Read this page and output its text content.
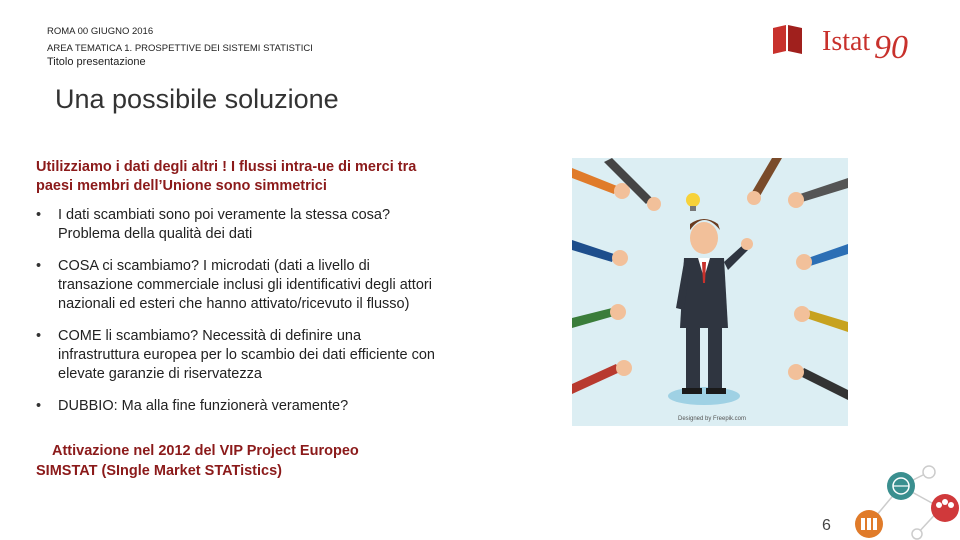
ROMA 00 GIUGNO 2016
AREA TEMATICA 1. PROSPETTIVE DEI SISTEMI STATISTICI
Titolo presentazione
Istat 90
Una possibile soluzione
Utilizziamo i dati degli altri ! I flussi intra-ue di merci tra paesi membri dell’Unione sono simmetrici
• I dati scambiati sono poi veramente la stessa cosa? Problema della qualità dei dati
• COSA ci scambiamo? I microdati (dati a livello di transazione commerciale inclusi gli identificativi degli attori nazionali ed esteri che hanno attivato/ricevuto il flusso)
• COME li scambiamo? Necessità di definire una infrastruttura europea per lo scambio dei dati efficiente con elevate garanzie di riservatezza
• DUBBIO: Ma alla fine funzionerà veramente?
Attivazione nel 2012 del VIP Project Europeo
SIMSTAT (SIngle Market STATistics)
Designed by Freepik.com
6
